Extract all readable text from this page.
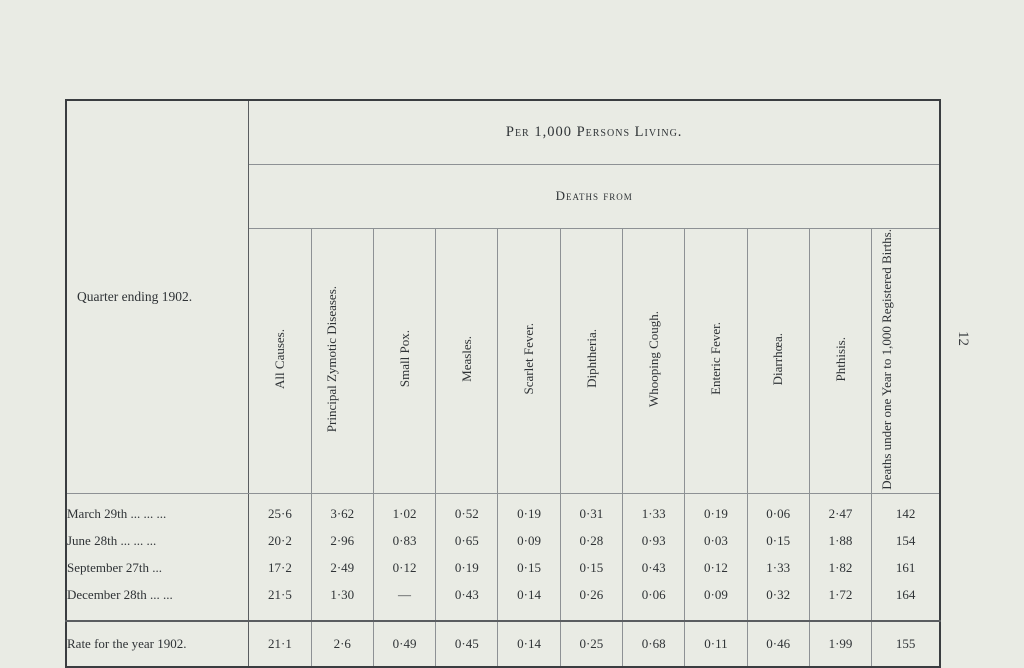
12
Quarter ending 1902.	Per 1,000 Persons Living.										
	Deaths from										
	All Causes.	Principal Zymotic Diseases.	Small Pox.	Measles.	Scarlet Fever.	Diphtheria.	Whooping Cough.	Enteric Fever.	Diarrhœa.	Phthisis.	Deaths under one Year to 1,000 Registered Births.
March 29th ... ... ...	25·6	3·62	1·02	0·52	0·19	0·31	1·33	0·19	0·06	2·47	142
June 28th ... ... ...	20·2	2·96	0·83	0·65	0·09	0·28	0·93	0·03	0·15	1·88	154
September 27th ...	17·2	2·49	0·12	0·19	0·15	0·15	0·43	0·12	1·33	1·82	161
December 28th ... ...	21·5	1·30	—	0·43	0·14	0·26	0·06	0·09	0·32	1·72	164

Rate for the year 1902.	21·1	2·6	0·49	0·45	0·14	0·25	0·68	0·11	0·46	1·99	155
